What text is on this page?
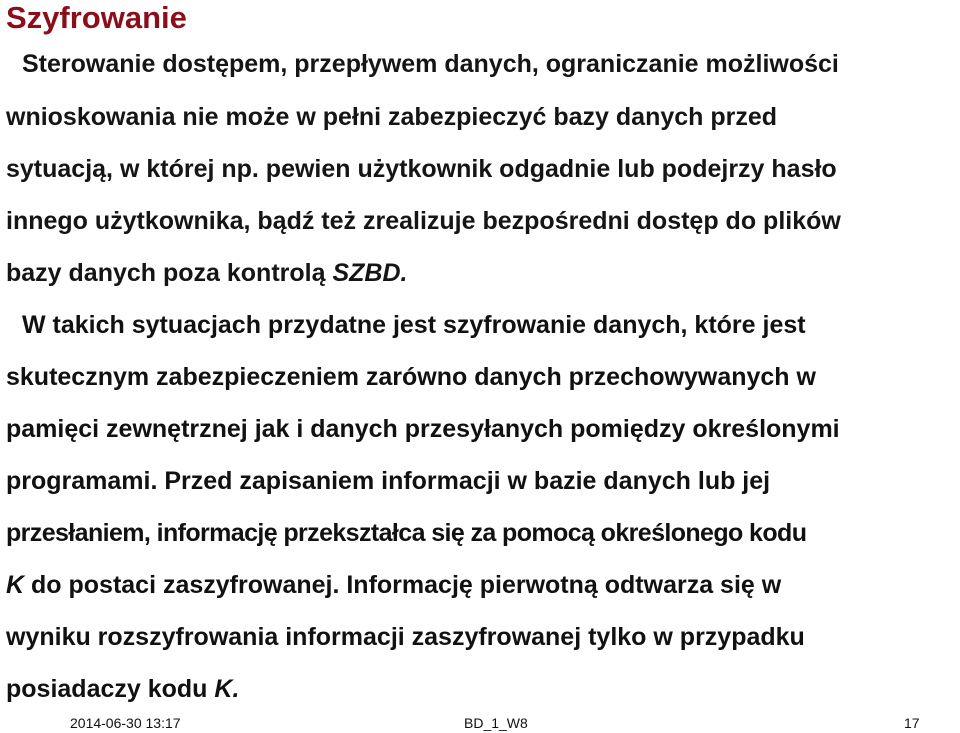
Szyfrowanie
Sterowanie dostępem, przepływem danych, ograniczanie możliwości
wnioskowania nie może w pełni zabezpieczyć bazy danych przed
sytuacją, w której np. pewien użytkownik odgadnie lub podejrzy hasło
innego użytkownika, bądź też zrealizuje bezpośredni dostęp do plików
bazy danych poza kontrolą SZBD.
W takich sytuacjach przydatne jest szyfrowanie danych, które jest
skutecznym zabezpieczeniem zarówno danych przechowywanych w
pamięci zewnętrznej jak i danych przesyłanych pomiędzy określonymi
programami. Przed zapisaniem informacji w bazie danych lub jej
przesłaniem, informację przekształca się za pomocą określonego kodu
K do postaci zaszyfrowanej. Informację pierwotną odtwarza się w
wyniku rozszyfrowania informacji zaszyfrowanej tylko w przypadku
posiadaczy kodu K.
2014-06-30 13:17	BD_1_W8	17
